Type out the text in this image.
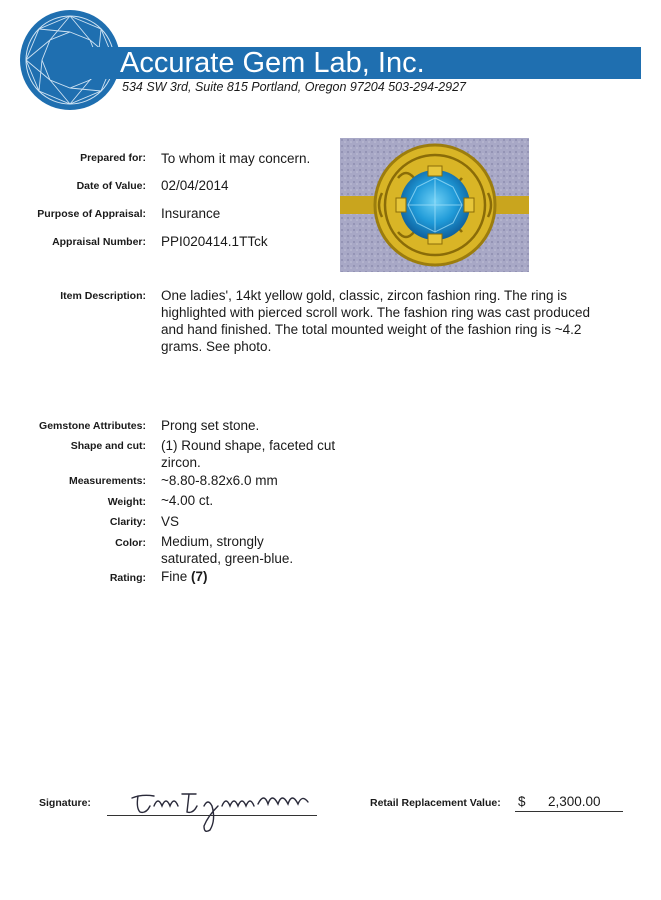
Accurate Gem Lab, Inc.
534 SW 3rd, Suite 815 Portland, Oregon 97204 503-294-2927
Prepared for: To whom it may concern.
Date of Value: 02/04/2014
Purpose of Appraisal: Insurance
Appraisal Number: PPI020414.1TTck
Item Description: One ladies', 14kt yellow gold, classic, zircon fashion ring. The ring is highlighted with pierced scroll work. The fashion ring was cast produced and hand finished. The total mounted weight of the fashion ring is ~4.2 grams. See photo.
Gemstone Attributes: Prong set stone.
Shape and cut: (1) Round shape, faceted cut zircon.
Measurements: ~8.80-8.82x6.0 mm
Weight: ~4.00 ct.
Clarity: VS
Color: Medium, strongly saturated, green-blue.
Rating: Fine (7)
Signature:	Retail Replacement Value: $ 2,300.00
